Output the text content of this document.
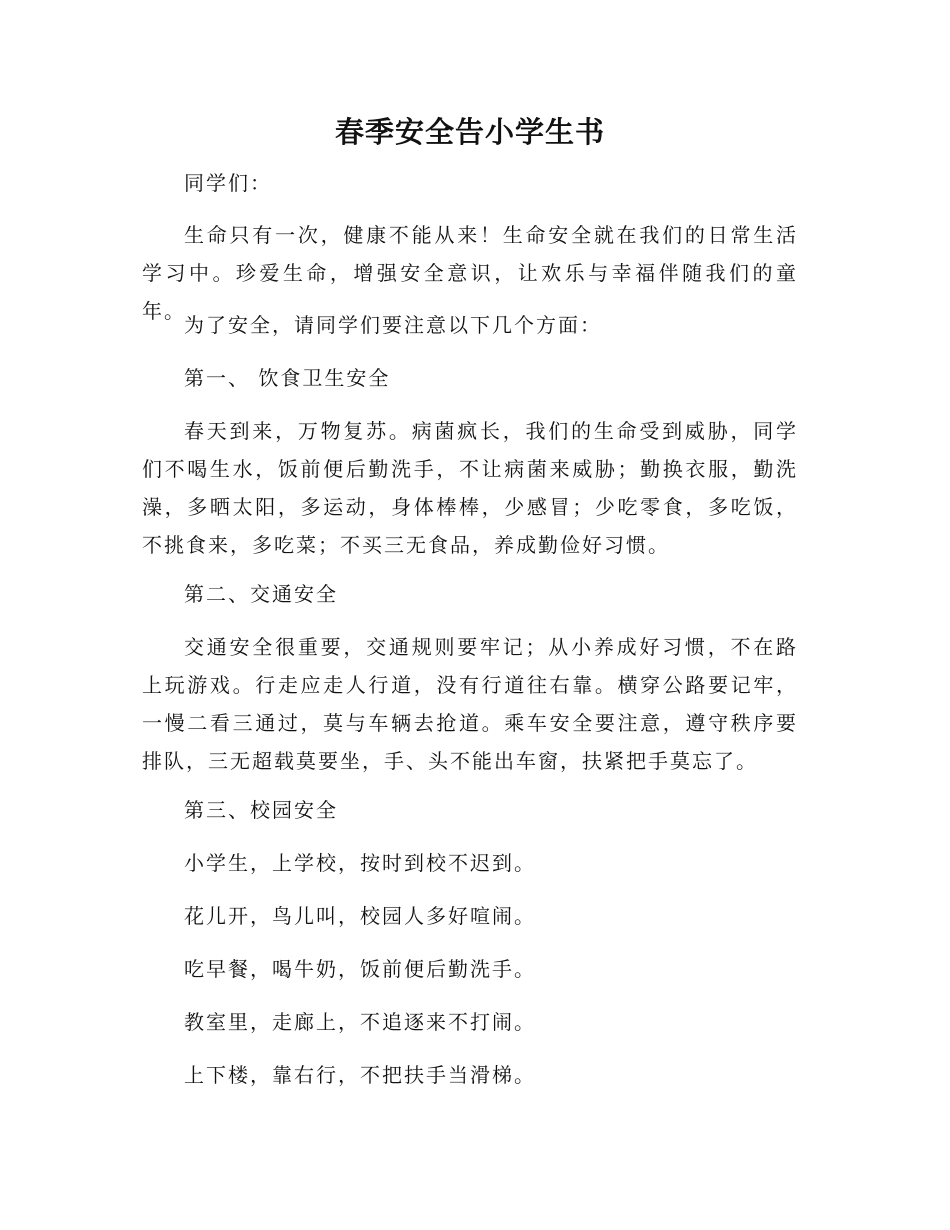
春季安全告小学生书

同学们：

生命只有一次，健康不能从来！生命安全就在我们的日常生活学习中。珍爱生命，增强安全意识，让欢乐与幸福伴随我们的童年。

为了安全，请同学们要注意以下几个方面：

第一、 饮食卫生安全

春天到来，万物复苏。病菌疯长，我们的生命受到威胁，同学们不喝生水，饭前便后勤洗手，不让病菌来威胁；勤换衣服，勤洗澡，多晒太阳，多运动，身体棒棒，少感冒；少吃零食，多吃饭，不挑食来，多吃菜；不买三无食品，养成勤俭好习惯。

第二、交通安全

交通安全很重要，交通规则要牢记；从小养成好习惯，不在路上玩游戏。行走应走人行道，没有行道往右靠。横穿公路要记牢，一慢二看三通过，莫与车辆去抢道。乘车安全要注意，遵守秩序要排队，三无超载莫要坐，手、头不能出车窗，扶紧把手莫忘了。

第三、校园安全

小学生，上学校，按时到校不迟到。

花儿开，鸟儿叫，校园人多好喧闹。

吃早餐，喝牛奶，饭前便后勤洗手。

教室里，走廊上，不追逐来不打闹。

上下楼，靠右行，不把扶手当滑梯。
